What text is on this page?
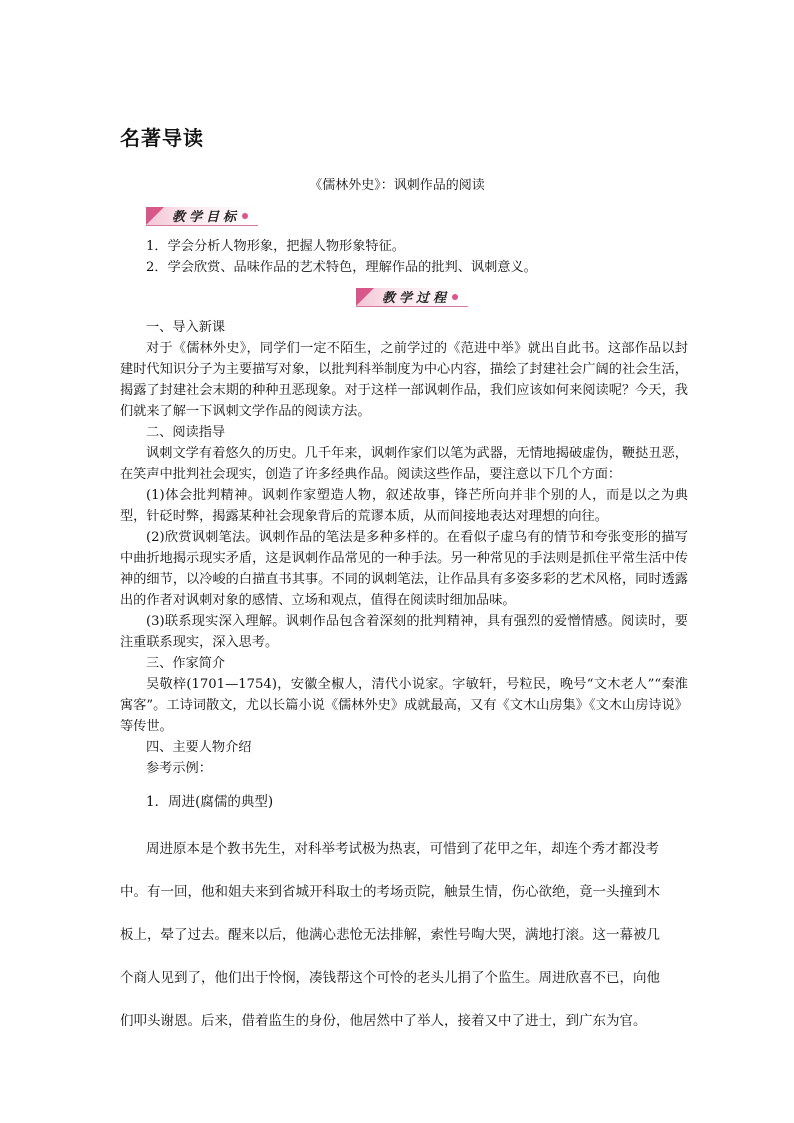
名著导读
《儒林外史》：讽刺作品的阅读
教学目标

1．学会分析人物形象，把握人物形象特征。

2．学会欣赏、品味作品的艺术特色，理解作品的批判、讽刺意义。

教学过程

一、导入新课

对于《儒林外史》，同学们一定不陌生，之前学过的《范进中举》就出自此书。这部作品以封建时代知识分子为主要描写对象，以批判科举制度为中心内容，描绘了封建社会广阔的社会生活，揭露了封建社会末期的种种丑恶现象。对于这样一部讽刺作品，我们应该如何来阅读呢？今天，我们就来了解一下讽刺文学作品的阅读方法。

二、阅读指导

讽刺文学有着悠久的历史。几千年来，讽刺作家们以笔为武器，无情地揭破虚伪，鞭挞丑恶，在笑声中批判社会现实，创造了许多经典作品。阅读这些作品，要注意以下几个方面：

(1)体会批判精神。讽刺作家塑造人物，叙述故事，锋芒所向并非个别的人，而是以之为典型，针砭时弊，揭露某种社会现象背后的荒谬本质，从而间接地表达对理想的向往。

(2)欣赏讽刺笔法。讽刺作品的笔法是多种多样的。在看似子虚乌有的情节和夸张变形的描写中曲折地揭示现实矛盾，这是讽刺作品常见的一种手法。另一种常见的手法则是抓住平常生活中传神的细节，以冷峻的白描直书其事。不同的讽刺笔法，让作品具有多姿多彩的艺术风格，同时透露出的作者对讽刺对象的感情、立场和观点，值得在阅读时细加品味。

(3)联系现实深入理解。讽刺作品包含着深刻的批判精神，具有强烈的爱憎情感。阅读时，要注重联系现实，深入思考。

三、作家简介

吴敬梓(1701—1754)，安徽全椒人，清代小说家。字敏轩，号粒民，晚号“文木老人”“秦淮寓客”。工诗词散文，尤以长篇小说《儒林外史》成就最高，又有《文木山房集》《文木山房诗说》等传世。

四、主要人物介绍

参考示例：

1．周进(腐儒的典型)

周进原本是个教书先生，对科举考试极为热衷，可惜到了花甲之年，却连个秀才都没考

中。有一回，他和姐夫来到省城开科取士的考场贡院，触景生情，伤心欲绝，竟一头撞到木

板上，晕了过去。醒来以后，他满心悲怆无法排解，索性号啕大哭，满地打滚。这一幕被几

个商人见到了，他们出于怜悯，凑钱帮这个可怜的老头儿捐了个监生。周进欣喜不已，向他

们叩头谢恩。后来，借着监生的身份，他居然中了举人，接着又中了进士，到广东为官。
